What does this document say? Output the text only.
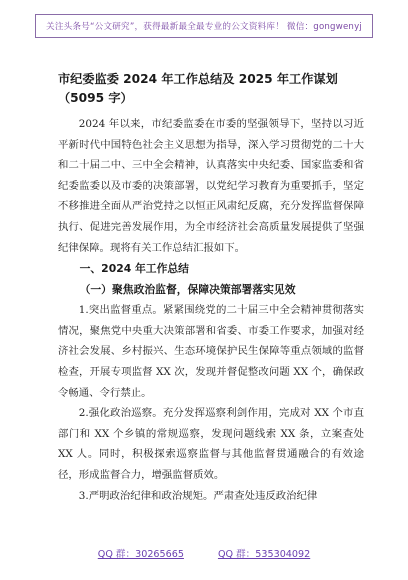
关注头条号“公文研究”，获得最新最全最专业的公文资料库！ 微信：gongwenyj

市纪委监委 2024 年工作总结及 2025 年工作谋划（5095 字）

2024 年以来，市纪委监委在市委的坚强领导下，坚持以习近平新时代中国特色社会主义思想为指导，深入学习贯彻党的二十大和二十届二中、三中全会精神，认真落实中央纪委、国家监委和省纪委监委以及市委的决策部署，以党纪学习教育为重要抓手，坚定不移推进全面从严治党持之以恒正风肃纪反腐，充分发挥监督保障执行、促进完善发展作用，为全市经济社会高质量发展提供了坚强纪律保障。现将有关工作总结汇报如下。

一、2024 年工作总结

（一）聚焦政治监督，保障决策部署落实见效

1.突出监督重点。紧紧围绕党的二十届三中全会精神贯彻落实情况，聚焦党中央重大决策部署和省委、市委工作要求，加强对经济社会发展、乡村振兴、生态环境保护民生保障等重点领域的监督检查，开展专项监督 XX 次，发现并督促整改问题 XX 个，确保政令畅通、令行禁止。

2.强化政治巡察。充分发挥巡察利剑作用，完成对 XX 个市直部门和 XX 个乡镇的常规巡察，发现问题线索 XX 条，立案查处 XX 人。同时，积极探索巡察监督与其他监督贯通融合的有效途径，形成监督合力，增强监督质效。

3.严明政治纪律和政治规矩。严肃查处违反政治纪律

QQ 群：30265665	QQ 群：535304092
